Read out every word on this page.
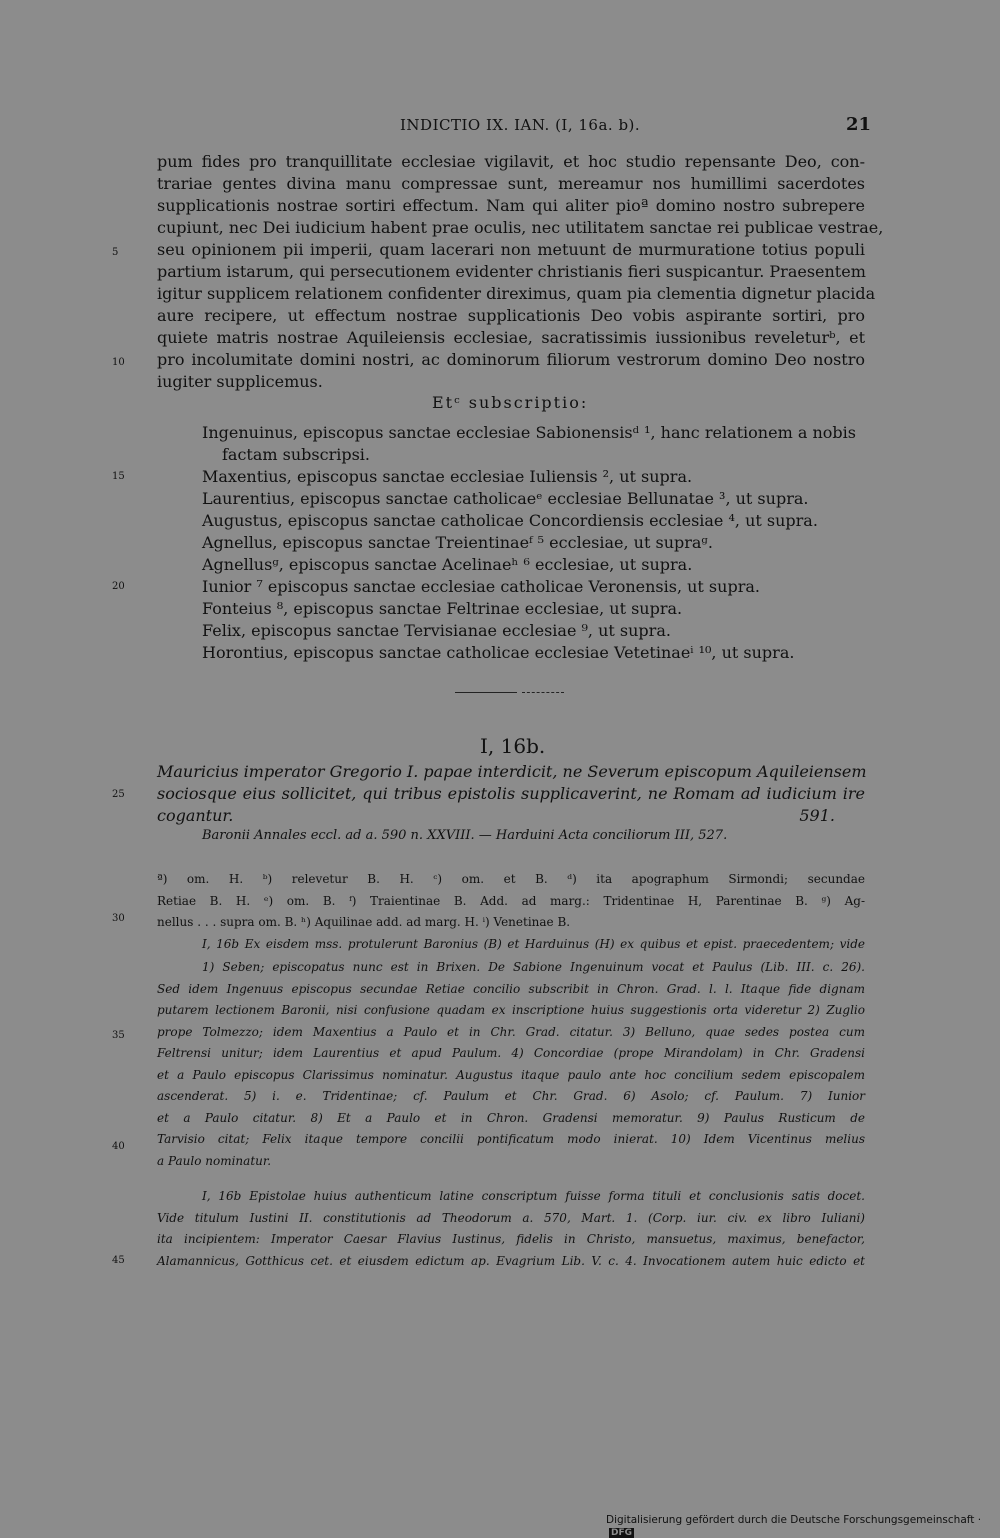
INDICTIO IX. IAN. (I, 16a. b).	21
pum fides pro tranquillitate ecclesiae vigilavit, et hoc studio repensante Deo, con-
trariae gentes divina manu compressae sunt, mereamur nos humillimi sacerdotes
supplicationis nostrae sortiri effectum. Nam qui aliter pioª domino nostro subrepere
cupiunt, nec Dei iudicium habent prae oculis, nec utilitatem sanctae rei publicae vestrae,
seu opinionem pii imperii, quam lacerari non metuunt de murmuratione totius populi
partium istarum, qui persecutionem evidenter christianis fieri suspicantur. Praesentem
igitur supplicem relationem confidenter direximus, quam pia clementia dignetur placida
aure recipere, ut effectum nostrae supplicationis Deo vobis aspirante sortiri, pro
quiete matris nostrae Aquileiensis ecclesiae, sacratissimis iussionibus reveleturᵇ, et
pro incolumitate domini nostri, ac dominorum filiorum vestrorum domino Deo nostro
iugiter supplicemus.
5
10
Etᶜ subscriptio:
Ingenuinus, episcopus sanctae ecclesiae Sabionensisᵈ ¹, hanc relationem a nobis
factam subscripsi.
Maxentius, episcopus sanctae ecclesiae Iuliensis ², ut supra.
Laurentius, episcopus sanctae catholicaeᵉ ecclesiae Bellunatae ³, ut supra.
Augustus, episcopus sanctae catholicae Concordiensis ecclesiae ⁴, ut supra.
Agnellus, episcopus sanctae Treientinaeᶠ ⁵ ecclesiae, ut supraᵍ.
Agnellusᵍ, episcopus sanctae Acelinaeʰ ⁶ ecclesiae, ut supra.
Iunior ⁷ episcopus sanctae ecclesiae catholicae Veronensis, ut supra.
Fonteius ⁸, episcopus sanctae Feltrinae ecclesiae, ut supra.
Felix, episcopus sanctae Tervisianae ecclesiae ⁹, ut supra.
Horontius, episcopus sanctae catholicae ecclesiae Vetetinaeⁱ ¹⁰, ut supra.
15
20
I, 16b.
Mauricius imperator Gregorio I. papae interdicit, ne Severum episcopum Aquileiensem
sociosque eius sollicitet, qui tribus epistolis supplicaverint, ne Romam ad iudicium ire
cogantur.	591.
25
Baronii Annales eccl. ad a. 590 n. XXVIII. — Harduini Acta conciliorum III, 527.
ª) om. H. ᵇ) relevetur B. H. ᶜ) om. et B. ᵈ) ita apographum Sirmondi; secundae
Retiae B. H. ᵉ) om. B. ᶠ) Traientinae B. Add. ad marg.: Tridentinae H, Parentinae B. ᵍ) Ag-
nellus . . . supra om. B. ʰ) Aquilinae add. ad marg. H. ⁱ) Venetinae B.
I, 16b Ex eisdem mss. protulerunt Baronius (B) et Harduinus (H) ex quibus et epist. praecedentem; vide
30
1) Seben; episcopatus nunc est in Brixen. De Sabione Ingenuinum vocat et Paulus (Lib. III. c. 26).
Sed idem Ingenuus episcopus secundae Retiae concilio subscribit in Chron. Grad. l. l. Itaque fide dignam
putarem lectionem Baronii, nisi confusione quadam ex inscriptione huius suggestionis orta videretur 2) Zuglio
prope Tolmezzo; idem Maxentius a Paulo et in Chr. Grad. citatur. 3) Belluno, quae sedes postea cum
Feltrensi unitur; idem Laurentius et apud Paulum. 4) Concordiae (prope Mirandolam) in Chr. Gradensi
et a Paulo episcopus Clarissimus nominatur. Augustus itaque paulo ante hoc concilium sedem episcopalem
ascenderat. 5) i. e. Tridentinae; cf. Paulum et Chr. Grad. 6) Asolo; cf. Paulum. 7) Iunior
et a Paulo citatur. 8) Et a Paulo et in Chron. Gradensi memoratur. 9) Paulus Rusticum de
Tarvisio citat; Felix itaque tempore concilii pontificatum modo inierat. 10) Idem Vicentinus melius
a Paulo nominatur.
35
40
I, 16b Epistolae huius authenticum latine conscriptum fuisse forma tituli et conclusionis satis docet.
Vide titulum Iustini II. constitutionis ad Theodorum a. 570, Mart. 1. (Corp. iur. civ. ex libro Iuliani)
ita incipientem: Imperator Caesar Flavius Iustinus, fidelis in Christo, mansuetus, maximus, benefactor,
Alamannicus, Gotthicus cet. et eiusdem edictum ap. Evagrium Lib. V. c. 4. Invocationem autem huic edicto et
45
Digitalisierung gefördert durch die Deutsche Forschungsgemeinschaft ·DFG
